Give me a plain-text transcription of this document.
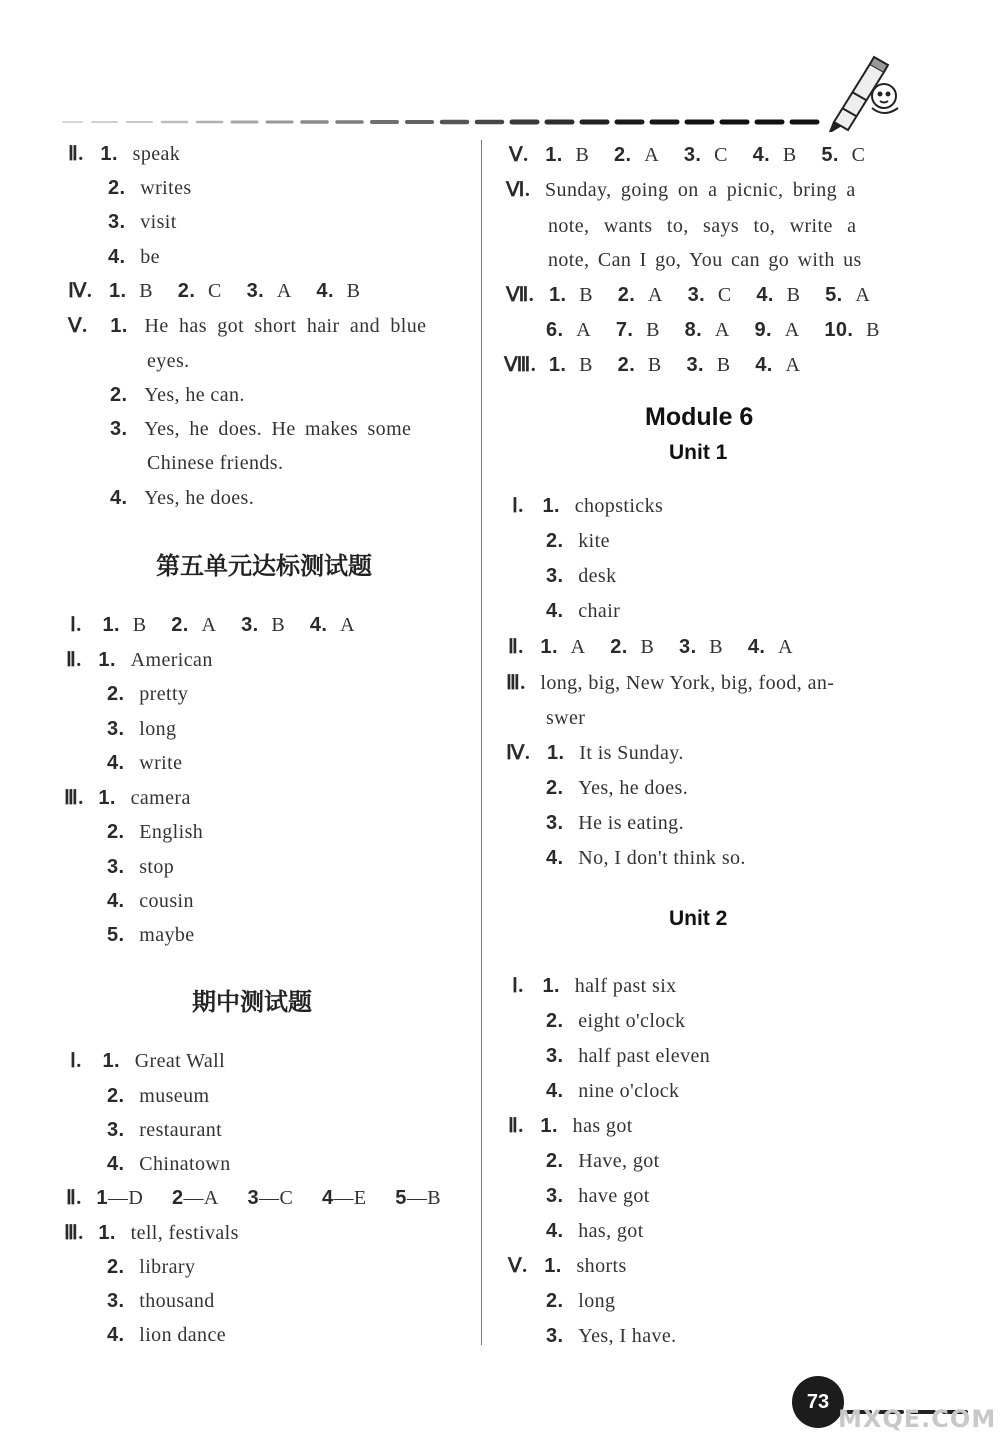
Ⅱ. 1. speak
2. writes
3. visit
4. be
Ⅳ. 1. B 2. C 3. A 4. B
Ⅴ. 1. He has got short hair and blue
eyes.
2. Yes, he can.
3. Yes, he does. He makes some
Chinese friends.
4. Yes, he does.
第五单元达标测试题
Ⅰ. 1. B 2. A 3. B 4. A
Ⅱ. 1. American
2. pretty
3. long
4. write
Ⅲ. 1. camera
2. English
3. stop
4. cousin
5. maybe
期中测试题
Ⅰ. 1. Great Wall
2. museum
3. restaurant
4. Chinatown
Ⅱ. 1—D 2—A 3—C 4—E 5—B
Ⅲ. 1. tell, festivals
2. library
3. thousand
4. lion dance
Ⅴ. 1. B 2. A 3. C 4. B 5. C
Ⅵ. Sunday, going on a picnic, bring a
note, wants to, says to, write a
note, Can I go, You can go with us
Ⅶ. 1. B 2. A 3. C 4. B 5. A
6. A 7. B 8. A 9. A 10. B
Ⅷ. 1. B 2. B 3. B 4. A
Module 6
Unit 1
Ⅰ. 1. chopsticks
2. kite
3. desk
4. chair
Ⅱ. 1. A 2. B 3. B 4. A
Ⅲ. long, big, New York, big, food, an-
swer
Ⅳ. 1. It is Sunday.
2. Yes, he does.
3. He is eating.
4. No, I don't think so.
Unit 2
Ⅰ. 1. half past six
2. eight o'clock
3. half past eleven
4. nine o'clock
Ⅱ. 1. has got
2. Have, got
3. have got
4. has, got
Ⅴ. 1. shorts
2. long
3. Yes, I have.
73
MXQE.COM
